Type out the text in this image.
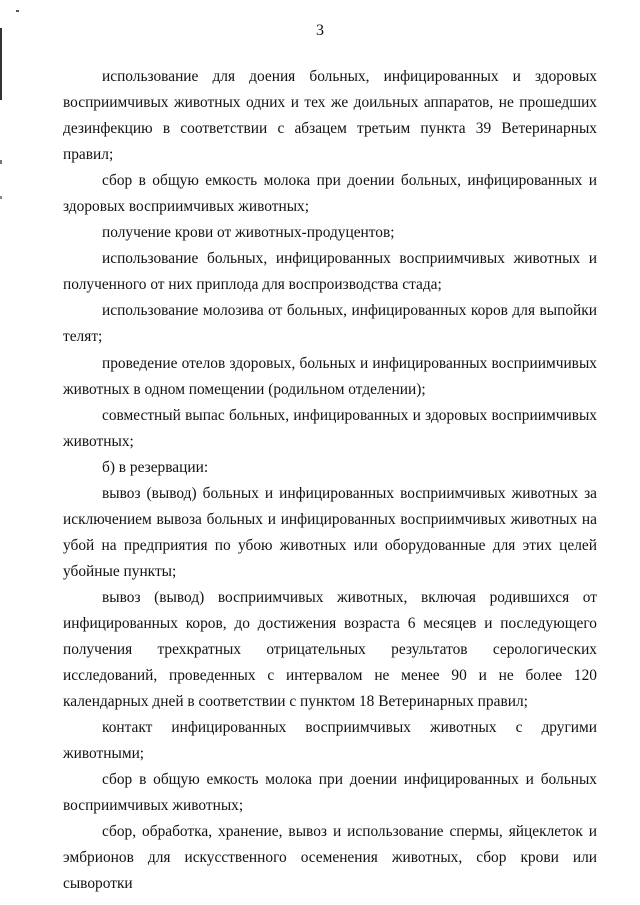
3

использование для доения больных, инфицированных и здоровых восприимчивых животных одних и тех же доильных аппаратов, не прошедших дезинфекцию в соответствии с абзацем третьим пункта 39 Ветеринарных правил;

сбор в общую емкость молока при доении больных, инфицированных и здоровых восприимчивых животных;

получение крови от животных-продуцентов;

использование больных, инфицированных восприимчивых животных и полученного от них приплода для воспроизводства стада;

использование молозива от больных, инфицированных коров для выпойки телят;

проведение отелов здоровых, больных и инфицированных восприимчивых животных в одном помещении (родильном отделении);

совместный выпас больных, инфицированных и здоровых восприимчивых животных;

б) в резервации:

вывоз (вывод) больных и инфицированных восприимчивых животных за исключением вывоза больных и инфицированных восприимчивых животных на убой на предприятия по убою животных или оборудованные для этих целей убойные пункты;

вывоз (вывод) восприимчивых животных, включая родившихся от инфицированных коров, до достижения возраста 6 месяцев и последующего получения трехкратных отрицательных результатов серологических исследований, проведенных с интервалом не менее 90 и не более 120 календарных дней в соответствии с пунктом 18 Ветеринарных правил;

контакт инфицированных восприимчивых животных с другими животными;

сбор в общую емкость молока при доении инфицированных и больных восприимчивых животных;

сбор, обработка, хранение, вывоз и использование спермы, яйцеклеток и эмбрионов для искусственного осеменения животных, сбор крови или сыворотки
